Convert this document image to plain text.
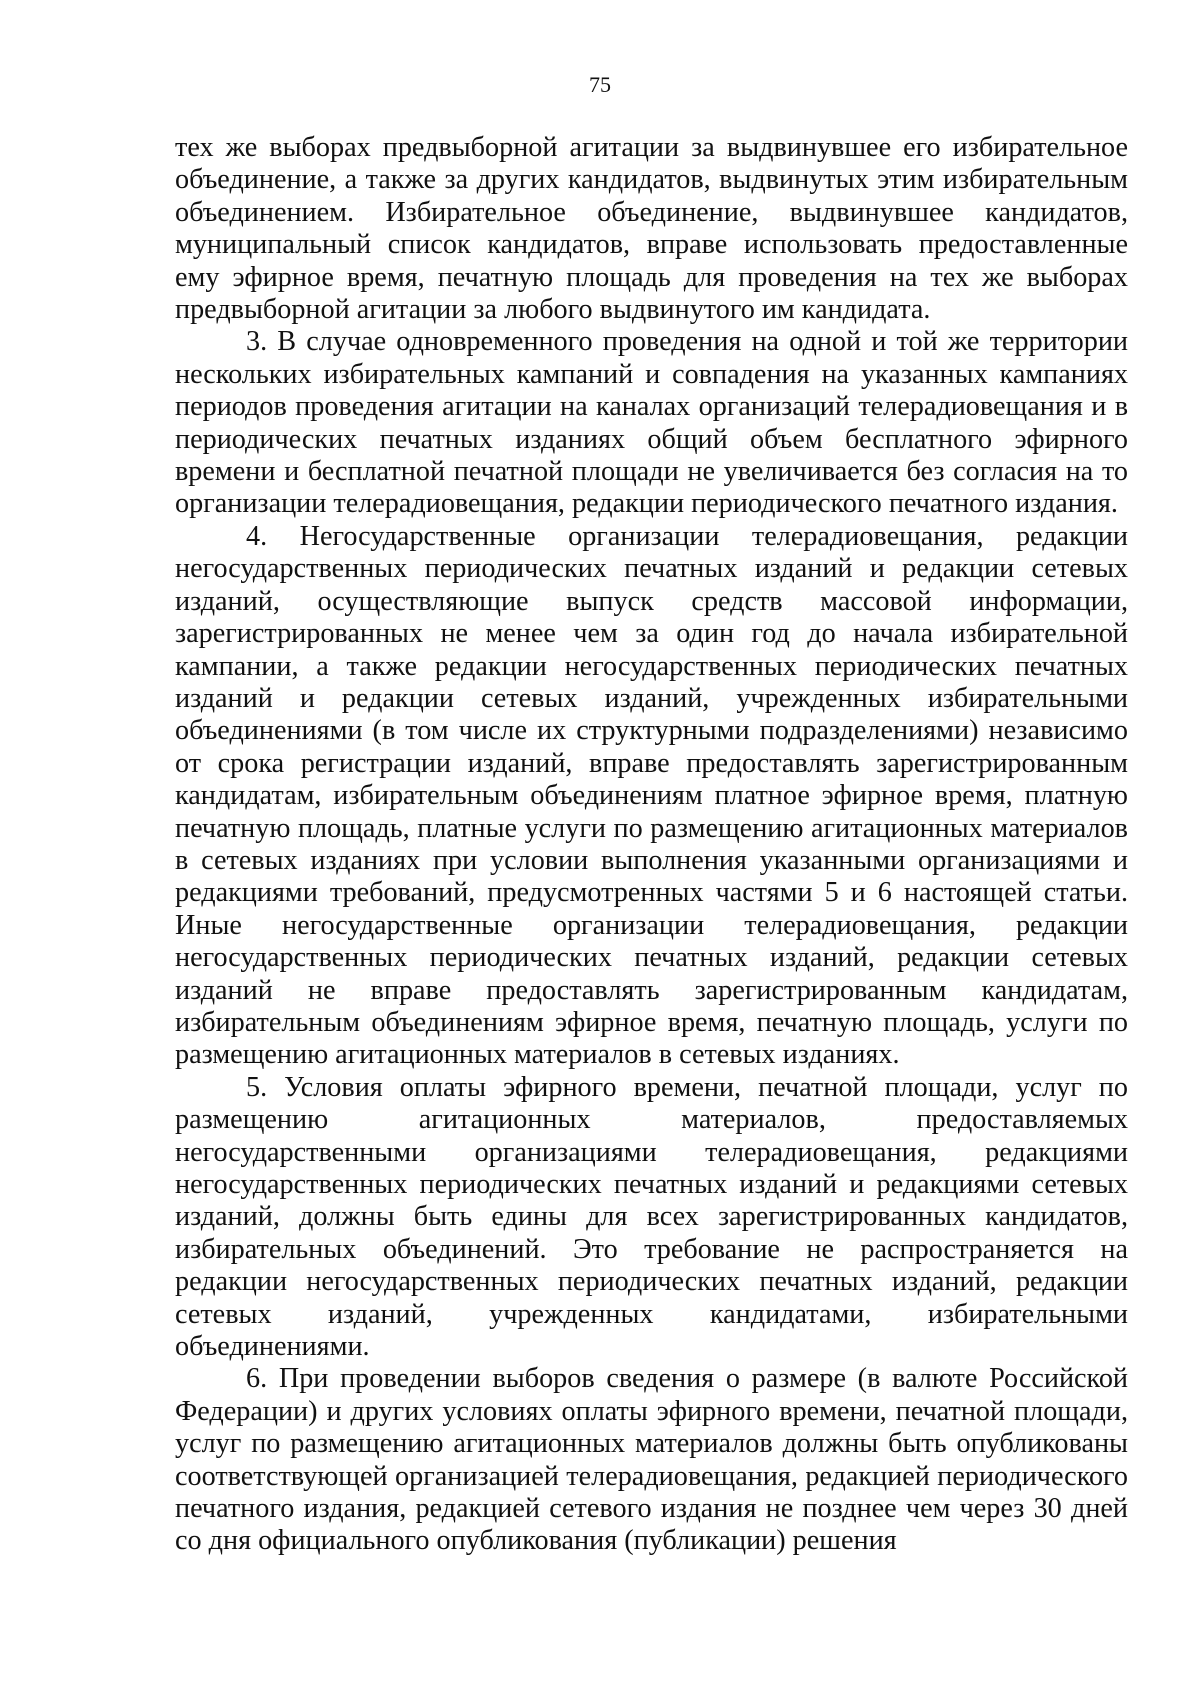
75

тех же выборах предвыборной агитации за выдвинувшее его избирательное объединение, а также за других кандидатов, выдвинутых этим избирательным объединением. Избирательное объединение, выдвинувшее кандидатов, муниципальный список кандидатов, вправе использовать предоставленные ему эфирное время, печатную площадь для проведения на тех же выборах предвыборной агитации за любого выдвинутого им кандидата.

3. В случае одновременного проведения на одной и той же территории нескольких избирательных кампаний и совпадения на указанных кампаниях периодов проведения агитации на каналах организаций телерадиовещания и в периодических печатных изданиях общий объем бесплатного эфирного времени и бесплатной печатной площади не увеличивается без согласия на то организации телерадиовещания, редакции периодического печатного издания.

4. Негосударственные организации телерадиовещания, редакции негосударственных периодических печатных изданий и редакции сетевых изданий, осуществляющие выпуск средств массовой информации, зарегистрированных не менее чем за один год до начала избирательной кампании, а также редакции негосударственных периодических печатных изданий и редакции сетевых изданий, учрежденных избирательными объединениями (в том числе их структурными подразделениями) независимо от срока регистрации изданий, вправе предоставлять зарегистрированным кандидатам, избирательным объединениям платное эфирное время, платную печатную площадь, платные услуги по размещению агитационных материалов в сетевых изданиях при условии выполнения указанными организациями и редакциями требований, предусмотренных частями 5 и 6 настоящей статьи. Иные негосударственные организации телерадиовещания, редакции негосударственных периодических печатных изданий, редакции сетевых изданий не вправе предоставлять зарегистрированным кандидатам, избирательным объединениям эфирное время, печатную площадь, услуги по размещению агитационных материалов в сетевых изданиях.

5. Условия оплаты эфирного времени, печатной площади, услуг по размещению агитационных материалов, предоставляемых негосударственными организациями телерадиовещания, редакциями негосударственных периодических печатных изданий и редакциями сетевых изданий, должны быть едины для всех зарегистрированных кандидатов, избирательных объединений. Это требование не распространяется на редакции негосударственных периодических печатных изданий, редакции сетевых изданий, учрежденных кандидатами, избирательными объединениями.

6. При проведении выборов сведения о размере (в валюте Российской Федерации) и других условиях оплаты эфирного времени, печатной площади, услуг по размещению агитационных материалов должны быть опубликованы соответствующей организацией телерадиовещания, редакцией периодического печатного издания, редакцией сетевого издания не позднее чем через 30 дней со дня официального опубликования (публикации) решения
